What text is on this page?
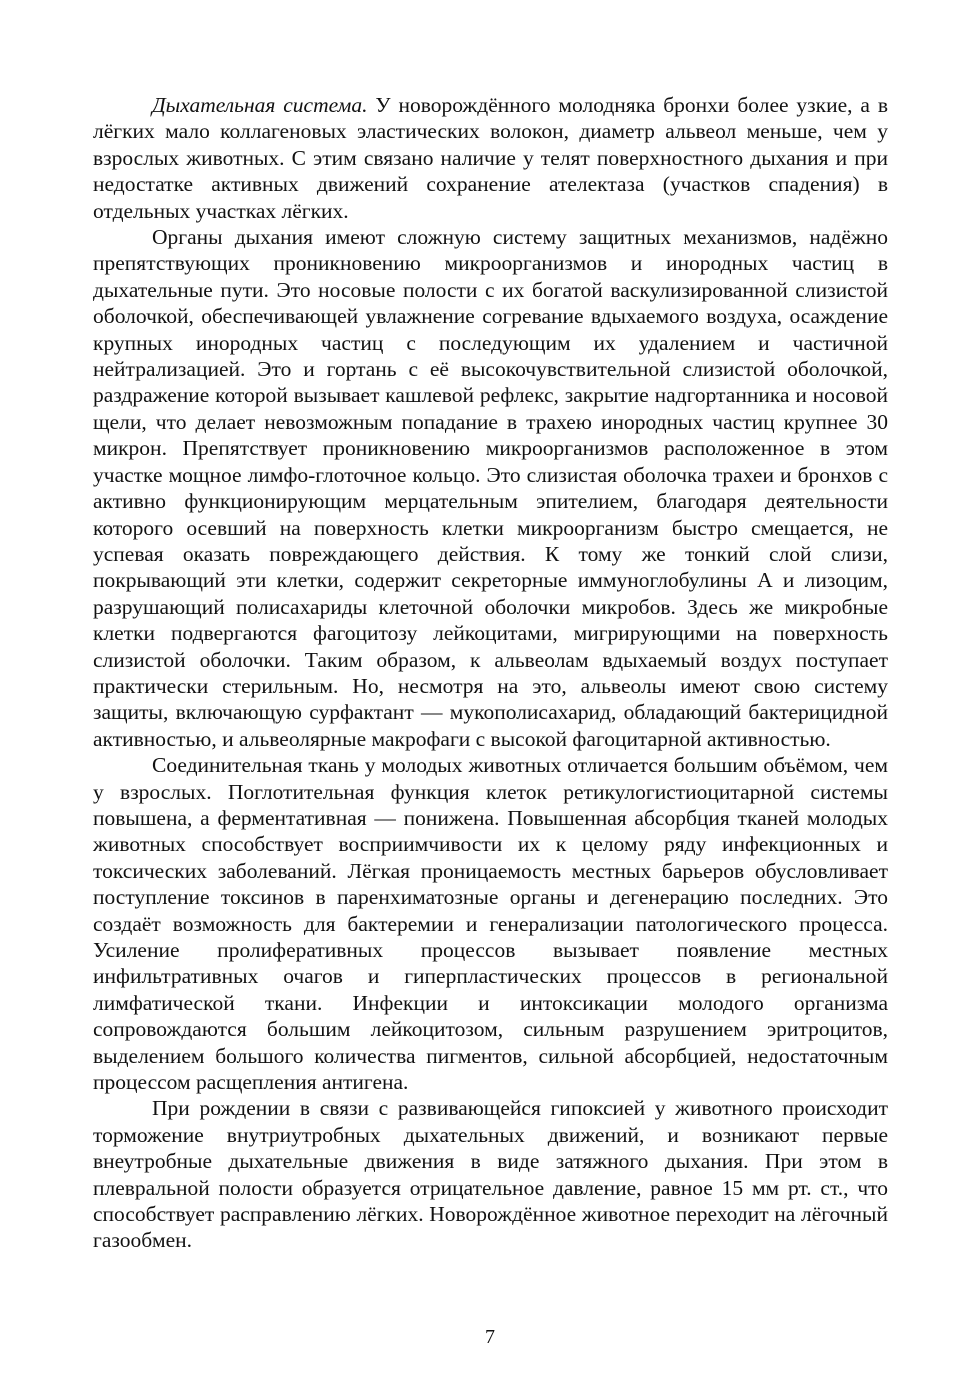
Дыхательная система. У новорождённого молодняка бронхи более узкие, а в лёгких мало коллагеновых эластических волокон, диаметр альвеол меньше, чем у взрослых животных. С этим связано наличие у телят поверхностного дыхания и при недостатке активных движений сохранение ателектаза (участков спадения) в отдельных участках лёгких.

Органы дыхания имеют сложную систему защитных механизмов, надёжно препятствующих проникновению микроорганизмов и инородных частиц в дыхательные пути. Это носовые полости с их богатой васкулизированной слизистой оболочкой, обеспечивающей увлажнение согревание вдыхаемого воздуха, осаждение крупных инородных частиц с последующим их удалением и частичной нейтрализацией. Это и гортань с её высокочувствительной слизистой оболочкой, раздражение которой вызывает кашлевой рефлекс, закрытие надгортанника и носовой щели, что делает невозможным попадание в трахею инородных частиц крупнее 30 микрон. Препятствует проникновению микроорганизмов расположенное в этом участке мощное лимфо-глоточное кольцо. Это слизистая оболочка трахеи и бронхов с активно функционирующим мерцательным эпителием, благодаря деятельности которого осевший на поверхность клетки микроорганизм быстро смещается, не успевая оказать повреждающего действия. К тому же тонкий слой слизи, покрывающий эти клетки, содержит секреторные иммуноглобулины А и лизоцим, разрушающий полисахариды клеточной оболочки микробов. Здесь же микробные клетки подвергаются фагоцитозу лейкоцитами, мигрирующими на поверхность слизистой оболочки. Таким образом, к альвеолам вдыхаемый воздух поступает практически стерильным. Но, несмотря на это, альвеолы имеют свою систему защиты, включающую сурфактант — мукополисахарид, обладающий бактерицидной активностью, и альвеолярные макрофаги с высокой фагоцитарной активностью.

Соединительная ткань у молодых животных отличается большим объёмом, чем у взрослых. Поглотительная функция клеток ретикулогистиоцитарной системы повышена, а ферментативная — понижена. Повышенная абсорбция тканей молодых животных способствует восприимчивости их к целому ряду инфекционных и токсических заболеваний. Лёгкая проницаемость местных барьеров обусловливает поступление токсинов в паренхиматозные органы и дегенерацию последних. Это создаёт возможность для бактеремии и генерализации патологического процесса. Усиление пролиферативных процессов вызывает появление местных инфильтративных очагов и гиперпластических процессов в региональной лимфатической ткани. Инфекции и интоксикации молодого организма сопровождаются большим лейкоцитозом, сильным разрушением эритроцитов, выделением большого количества пигментов, сильной абсорбцией, недостаточным процессом расщепления антигена.

При рождении в связи с развивающейся гипоксией у животного происходит торможение внутриутробных дыхательных движений, и возникают первые внеутробные дыхательные движения в виде затяжного дыхания. При этом в плевральной полости образуется отрицательное давление, равное 15 мм рт. ст., что способствует расправлению лёгких. Новорождённое животное переходит на лёгочный газообмен.

7
